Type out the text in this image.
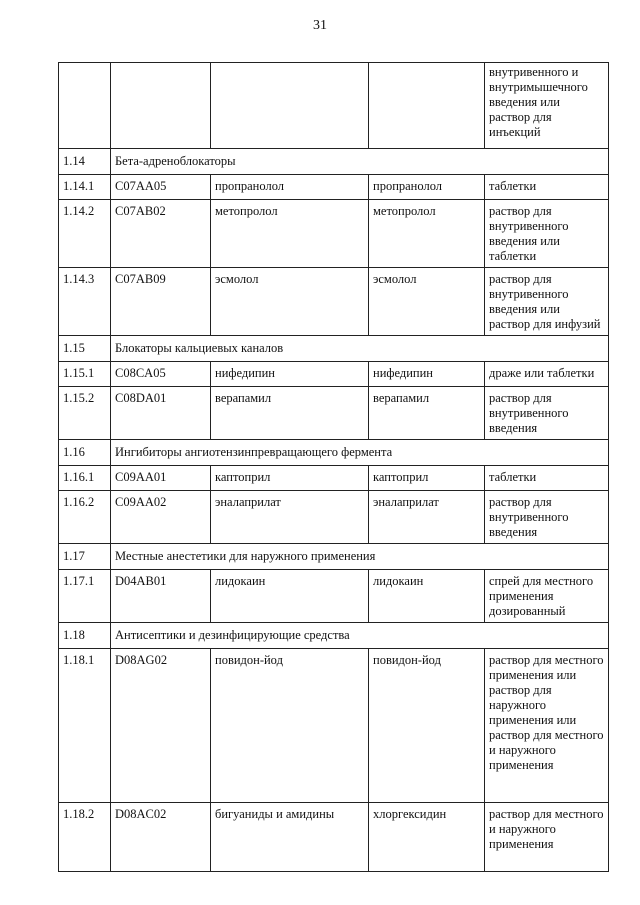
31
				внутривенного и внутримышечного введения или раствор для инъекций
1.14	Бета-адреноблокаторы			
1.14.1	C07AA05	пропранолол	пропранолол	таблетки
1.14.2	C07AB02	метопролол	метопролол	раствор для внутривенного введения или таблетки
1.14.3	C07AB09	эсмолол	эсмолол	раствор для внутривенного введения или раствор для инфузий
1.15	Блокаторы кальциевых каналов			
1.15.1	C08CA05	нифедипин	нифедипин	драже или таблетки
1.15.2	C08DA01	верапамил	верапамил	раствор для внутривенного введения
1.16	Ингибиторы ангиотензинпревращающего фермента			
1.16.1	C09AA01	каптоприл	каптоприл	таблетки
1.16.2	C09AA02	эналаприлат	эналаприлат	раствор для внутривенного введения
1.17	Местные анестетики для наружного применения			
1.17.1	D04AB01	лидокаин	лидокаин	спрей для местного применения дозированный
1.18	Антисептики и дезинфицирующие средства			
1.18.1	D08AG02	повидон-йод	повидон-йод	раствор для местного применения или раствор для наружного применения или раствор для местного и наружного применения
1.18.2	D08AC02	бигуаниды и амидины	хлоргексидин	раствор для местного и наружного применения
